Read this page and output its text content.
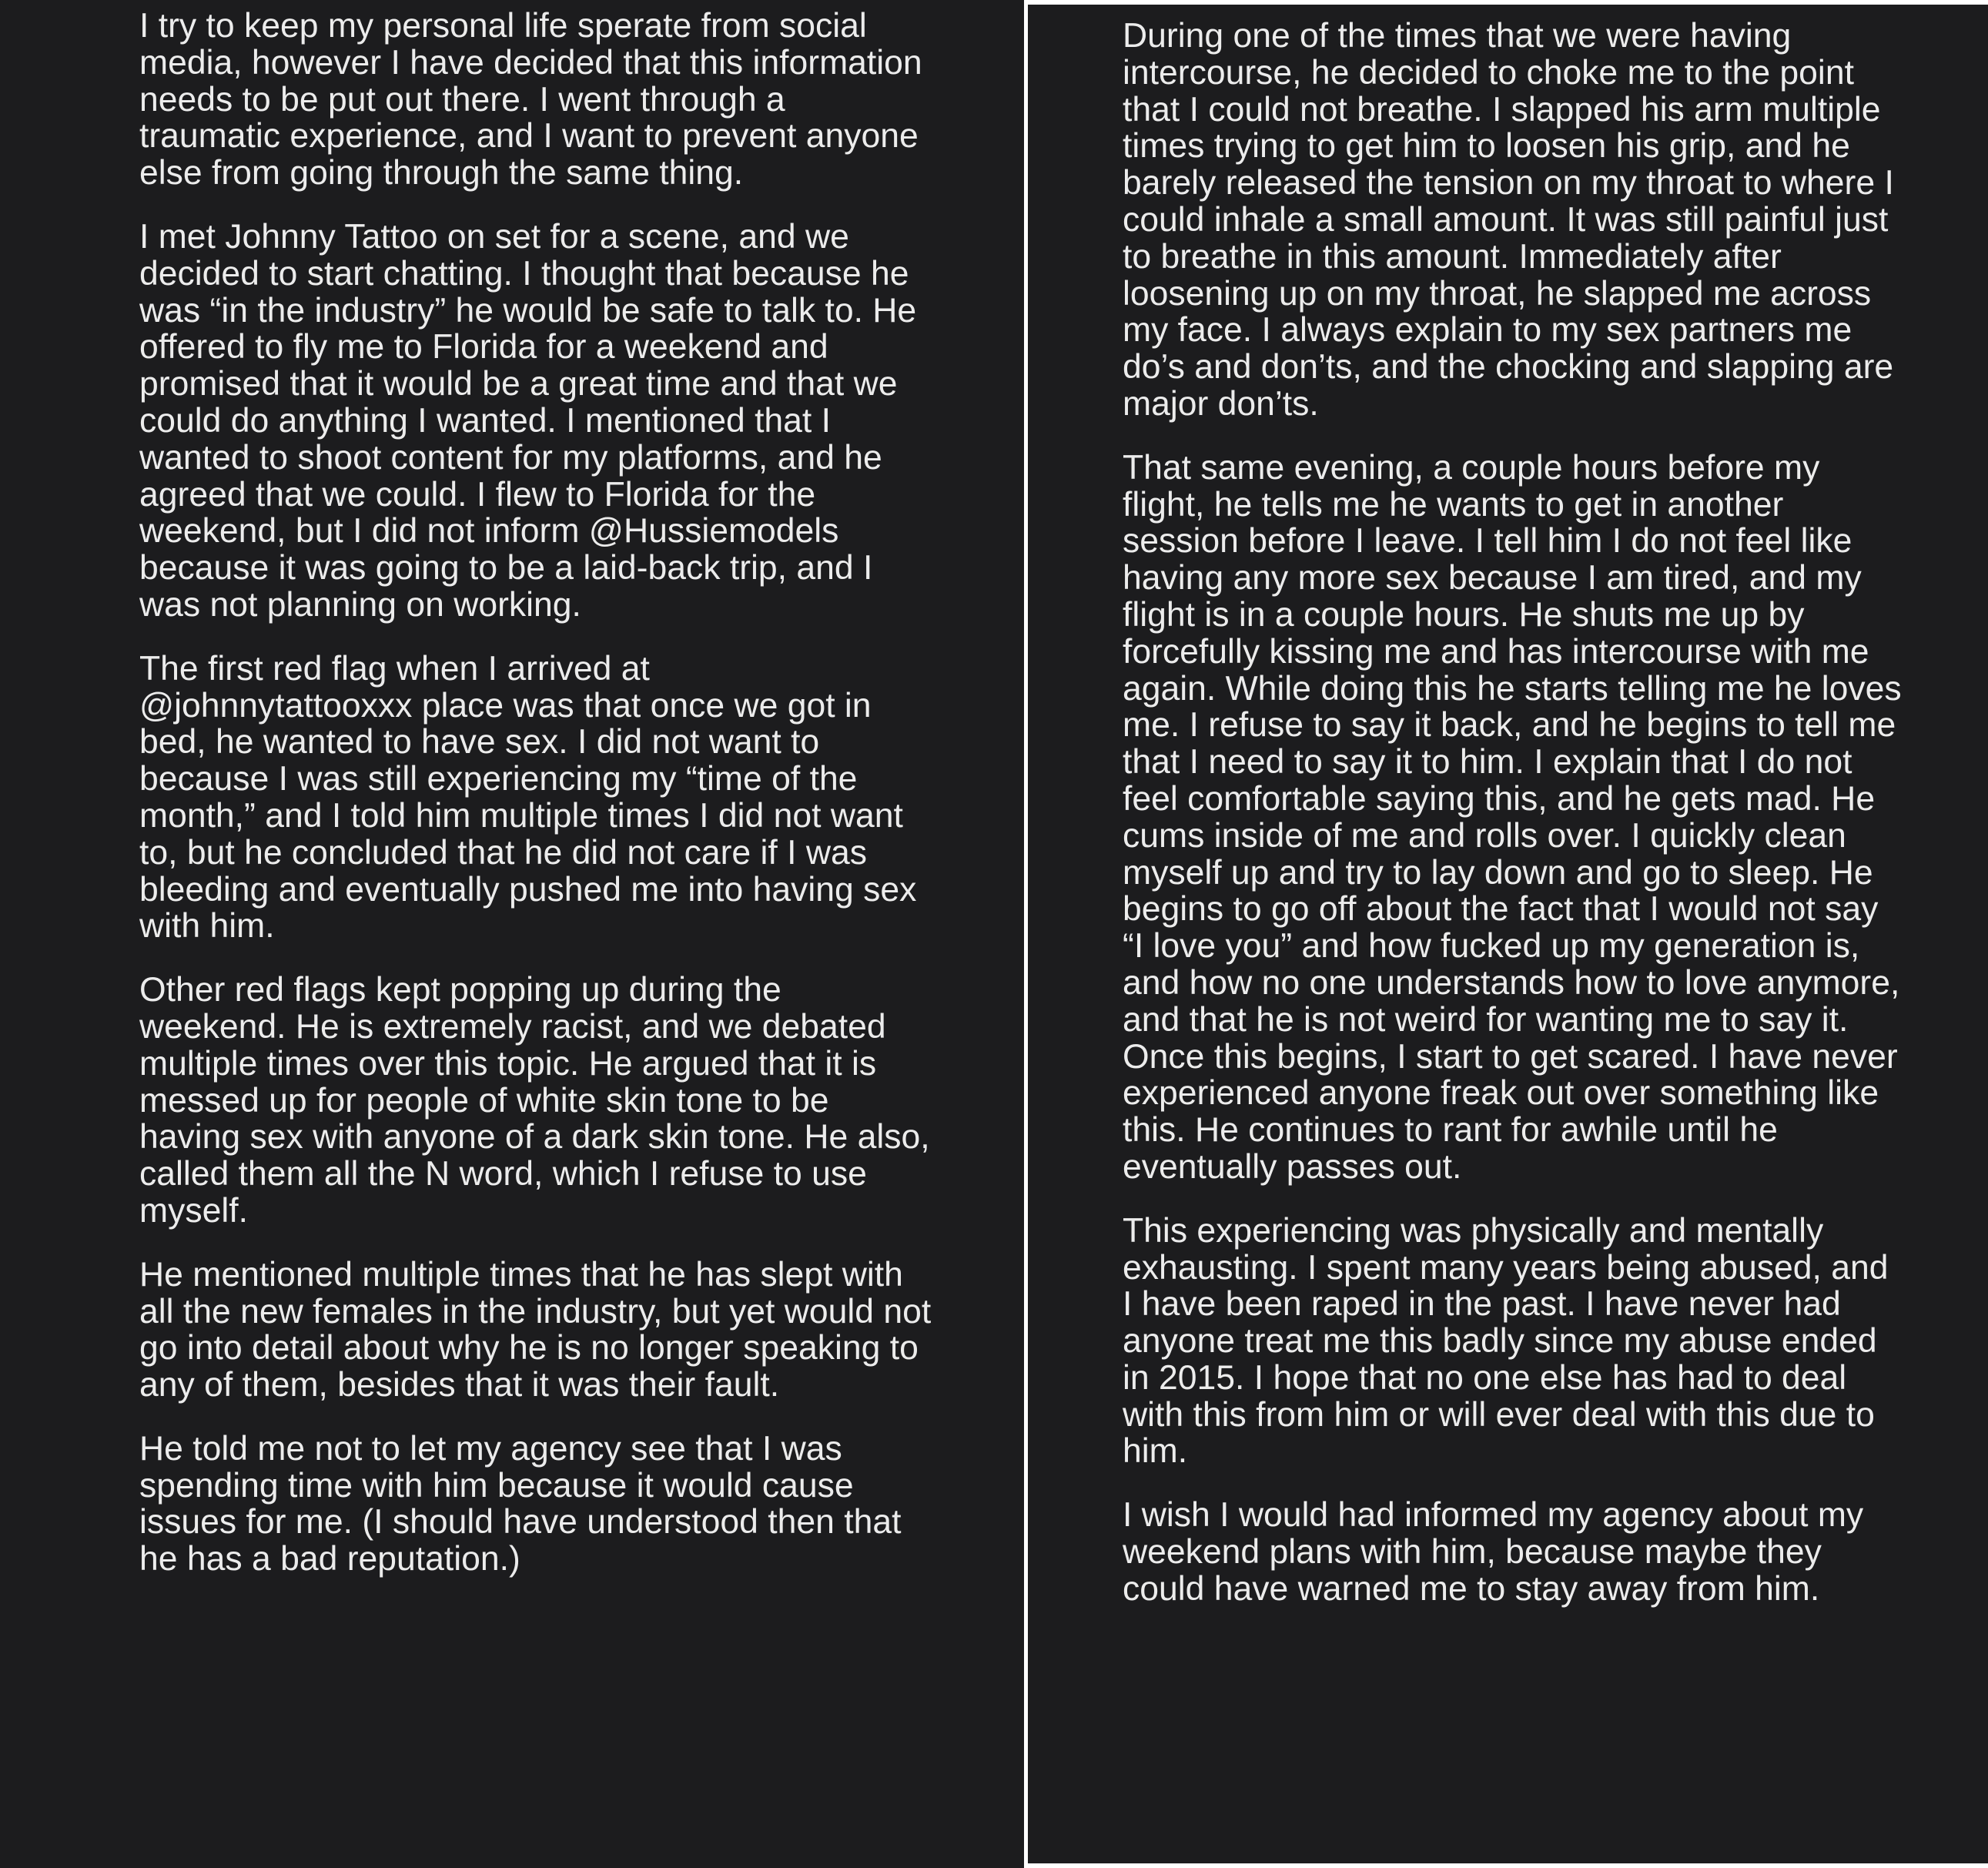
I try to keep my personal life sperate from social media, however I have decided that this information needs to be put out there. I went through a traumatic experience, and I want to prevent anyone else from going through the same thing.

I met Johnny Tattoo on set for a scene, and we decided to start chatting. I thought that because he was “in the industry” he would be safe to talk to. He offered to fly me to Florida for a weekend and promised that it would be a great time and that we could do anything I wanted. I mentioned that I wanted to shoot content for my platforms, and he agreed that we could. I flew to Florida for the weekend, but I did not inform @Hussiemodels because it was going to be a laid-back trip, and I was not planning on working.

The first red flag when I arrived at @johnnytattooxxx place was that once we got in bed, he wanted to have sex. I did not want to because I was still experiencing my “time of the month,” and I told him multiple times I did not want to, but he concluded that he did not care if I was bleeding and eventually pushed me into having sex with him.

Other red flags kept popping up during the weekend. He is extremely racist, and we debated multiple times over this topic. He argued that it is messed up for people of white skin tone to be having sex with anyone of a dark skin tone. He also, called them all the N word, which I refuse to use myself.

He mentioned multiple times that he has slept with all the new females in the industry, but yet would not go into detail about why he is no longer speaking to any of them, besides that it was their fault.

He told me not to let my agency see that I was spending time with him because it would cause issues for me. (I should have understood then that he has a bad reputation.)

During one of the times that we were having intercourse, he decided to choke me to the point that I could not breathe. I slapped his arm multiple times trying to get him to loosen his grip, and he barely released the tension on my throat to where I could inhale a small amount. It was still painful just to breathe in this amount. Immediately after loosening up on my throat, he slapped me across my face. I always explain to my sex partners me do’s and don’ts, and the chocking and slapping are major don’ts.

That same evening, a couple hours before my flight, he tells me he wants to get in another session before I leave. I tell him I do not feel like having any more sex because I am tired, and my flight is in a couple hours. He shuts me up by forcefully kissing me and has intercourse with me again. While doing this he starts telling me he loves me. I refuse to say it back, and he begins to tell me that I need to say it to him. I explain that I do not feel comfortable saying this, and he gets mad. He cums inside of me and rolls over. I quickly clean myself up and try to lay down and go to sleep. He begins to go off about the fact that I would not say “I love you” and how fucked up my generation is, and how no one understands how to love anymore, and that he is not weird for wanting me to say it. Once this begins, I start to get scared. I have never experienced anyone freak out over something like this. He continues to rant for awhile until he eventually passes out.

This experiencing was physically and mentally exhausting. I spent many years being abused, and I have been raped in the past. I have never had anyone treat me this badly since my abuse ended in 2015. I hope that no one else has had to deal with this from him or will ever deal with this due to him.

I wish I would had informed my agency about my weekend plans with him, because maybe they could have warned me to stay away from him.
